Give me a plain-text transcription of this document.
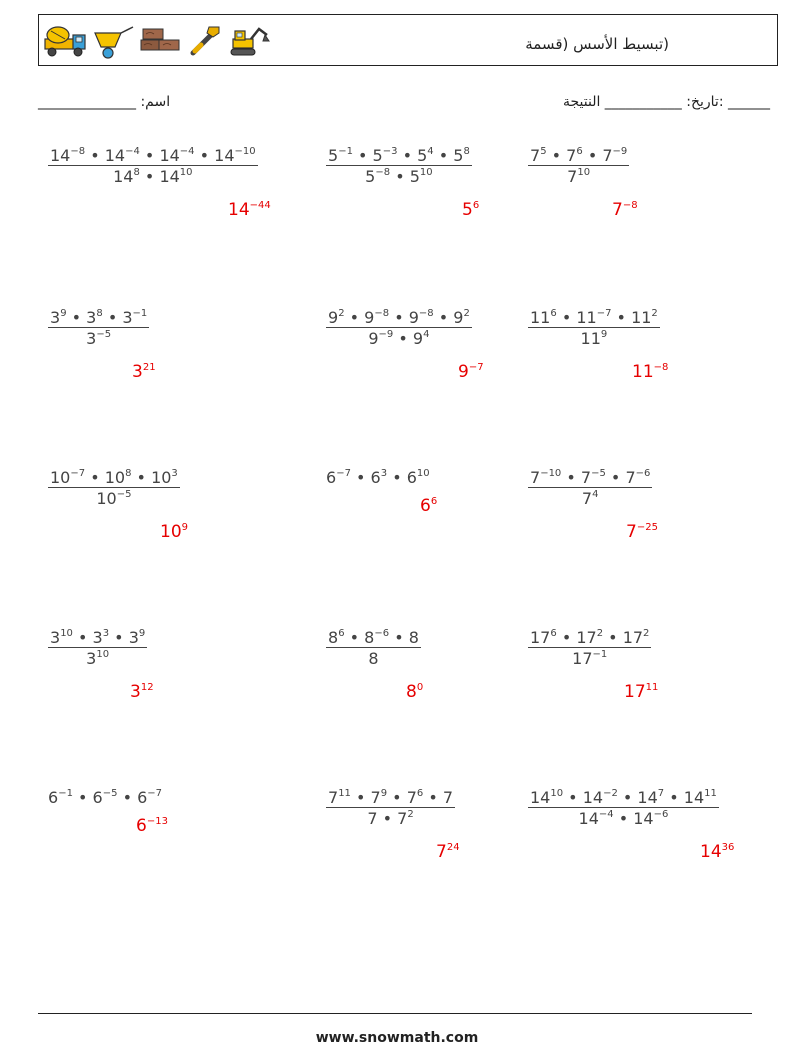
(تبسيط الأسس (قسمة
اسم: ______________	______ :تاريخ: ___________ النتيجة
$\frac{14^{-8} • 14^{-4} • 14^{-4} • 14^{-10}}{14^8 • 14^{10}}$
$14^{-44}$
$\frac{5^{-1} • 5^{-3} • 5^4 • 5^8}{5^{-8} • 5^{10}}$
$5^6$
$\frac{7^5 • 7^6 • 7^{-9}}{7^{10}}$
$7^{-8}$
$\frac{3^9 • 3^8 • 3^{-1}}{3^{-5}}$
$3^{21}$
$\frac{9^2 • 9^{-8} • 9^{-8} • 9^2}{9^{-9} • 9^4}$
$9^{-7}$
$\frac{11^6 • 11^{-7} • 11^2}{11^9}$
$11^{-8}$
$\frac{10^{-7} • 10^8 • 10^3}{10^{-5}}$
$10^9$
$6^{-7}$ • $6^3$ • $6^{10}$
$6^6$	$\frac{7^{-10} • 7^{-5} • 7^{-6}}{7^4}$
$7^{-25}$
$\frac{3^{10} • 3^3 • 3^9}{3^{10}}$
$3^{12}$
$\frac{8^6 • 8^{-6} • 8}{8}$
$8^0$
$\frac{17^6 • 17^2 • 17^2}{17^{-1}}$
$17^{11}$
$6^{-1}$ • $6^{-5}$ • $6^{-7}$
$6^{-13}$	$\frac{7^{11} • 7^9 • 7^6 • 7}{7 • 7^2}$
$7^{24}$
$\frac{14^{10} • 14^{-2} • 14^7 • 14^{11}}{14^{-4} • 14^{-6}}$
$14^{36}$
www.snowmath.com
